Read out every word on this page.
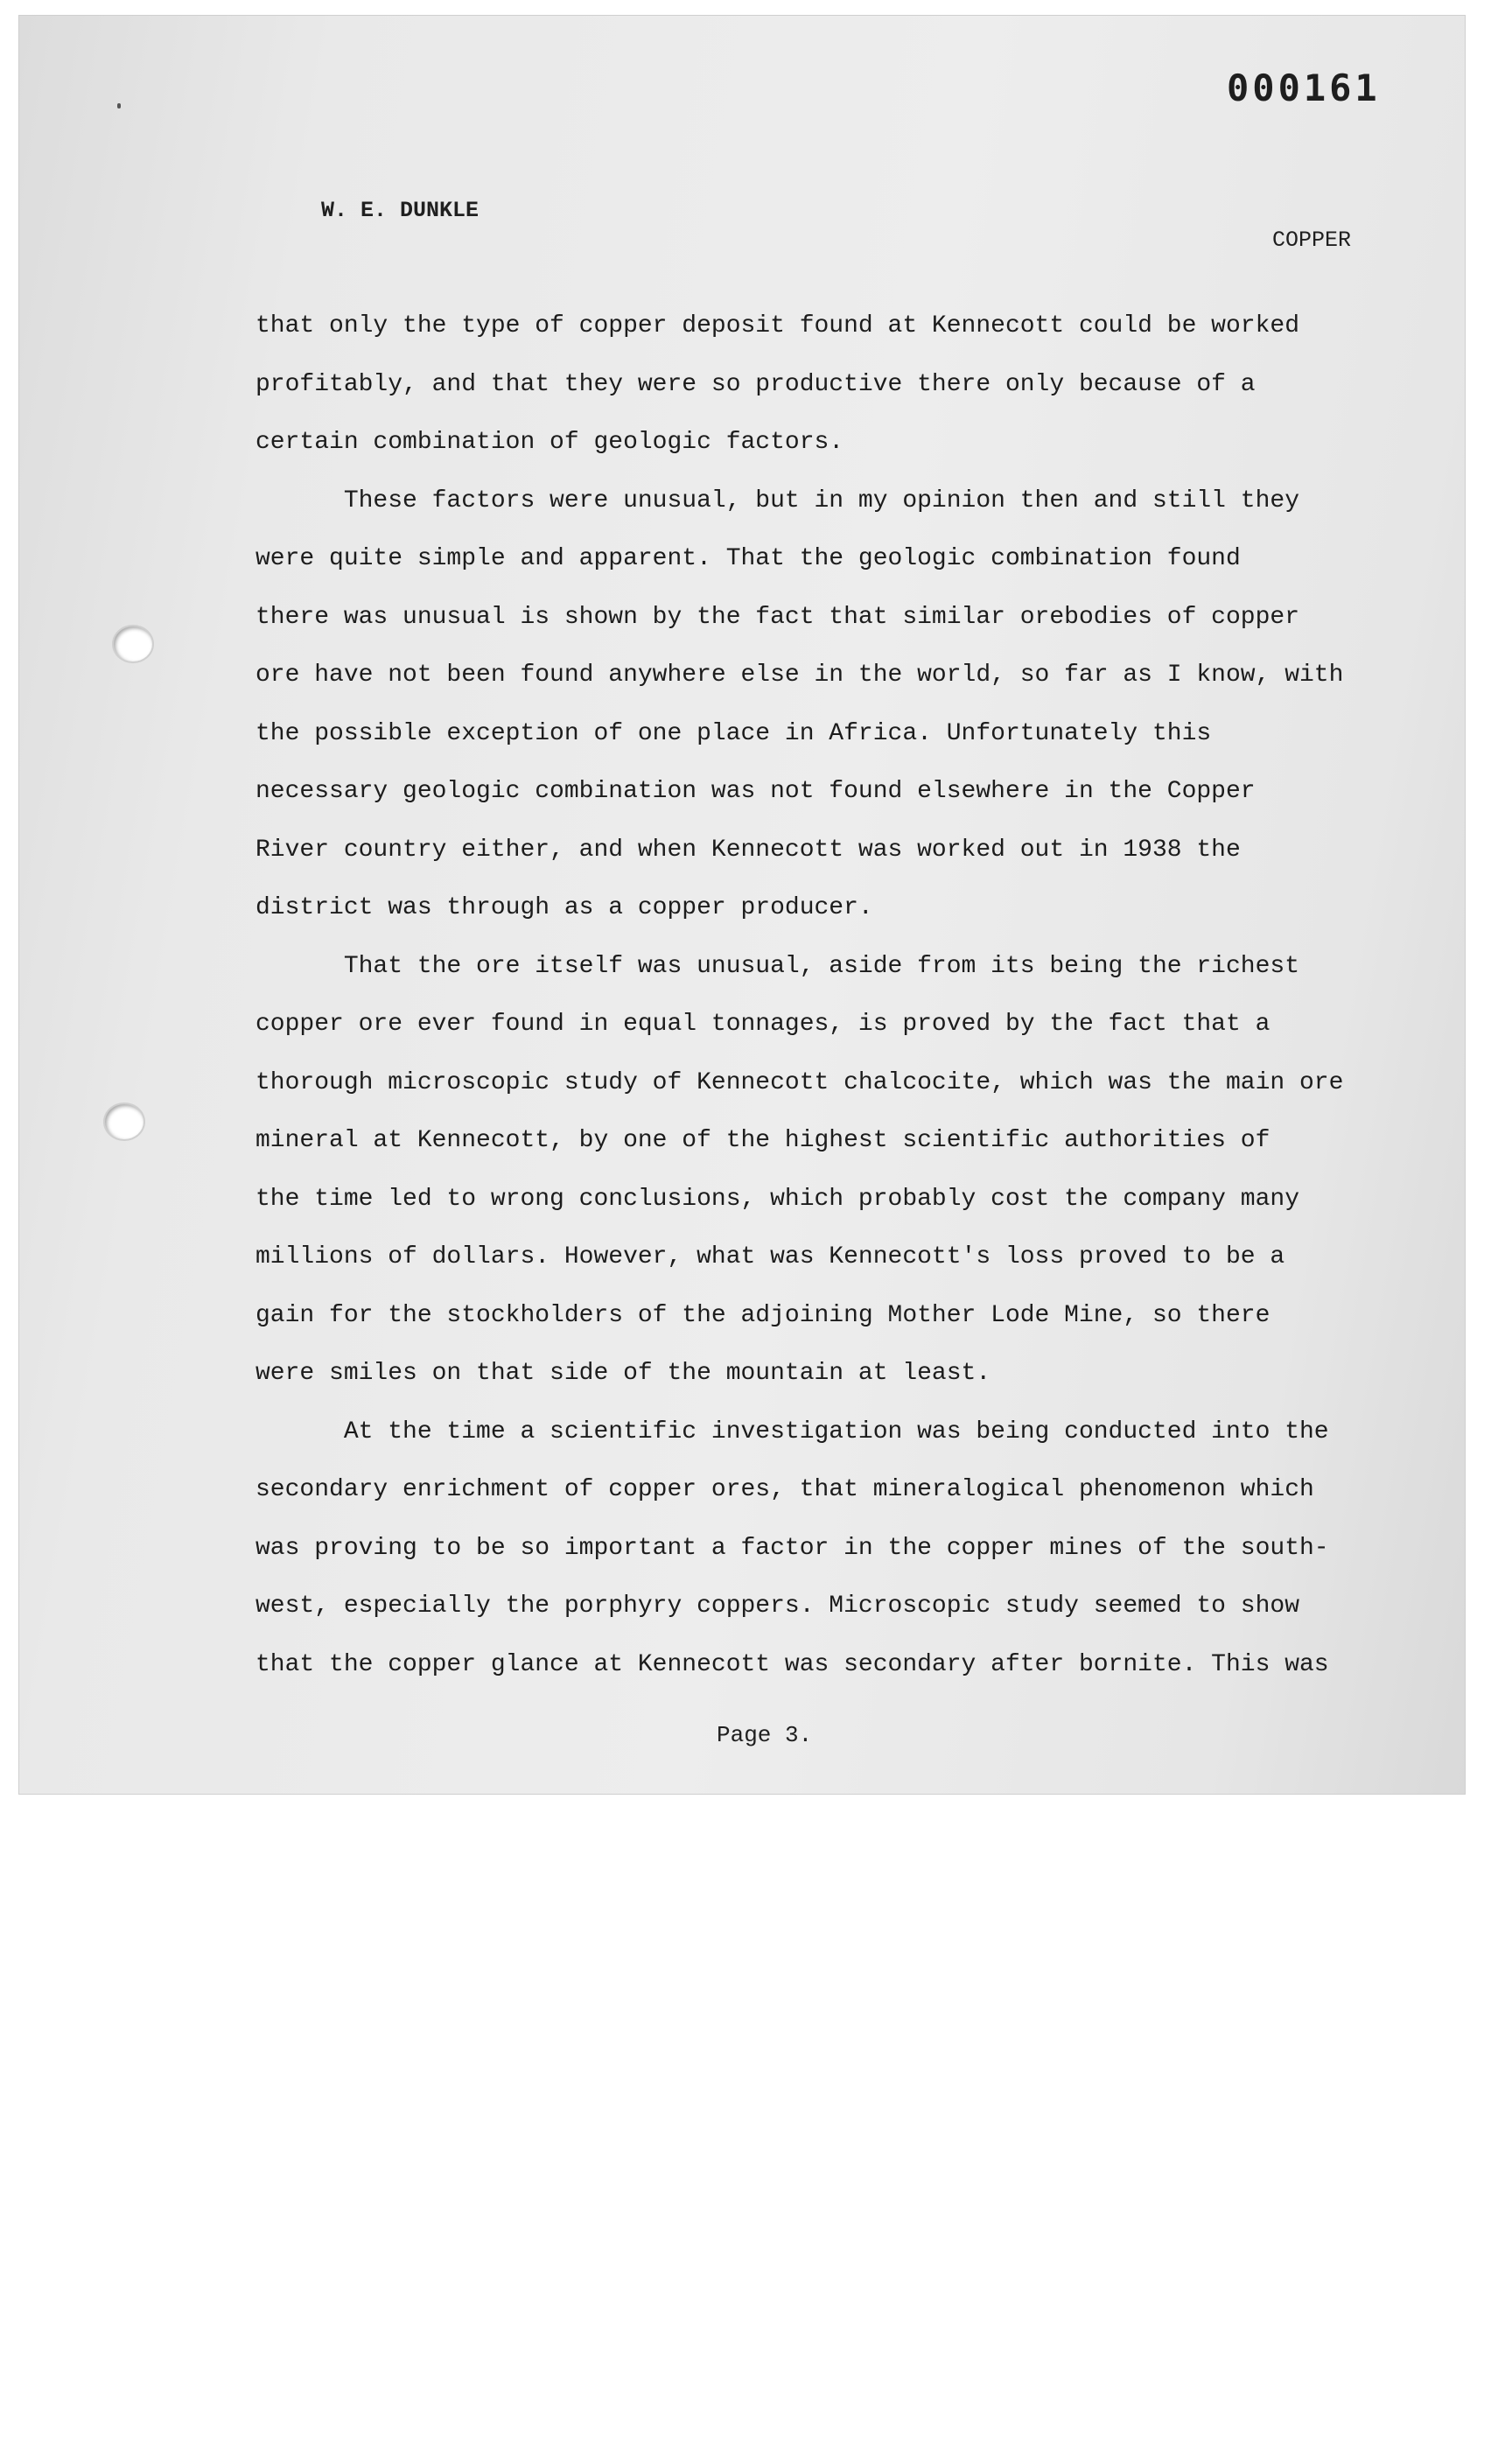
000161
W. E. DUNKLE
COPPER
that only the type of copper deposit found at Kennecott could be worked
profitably, and that they were so productive there only because of a
certain combination of geologic factors.
These factors were unusual, but in my opinion then and still they
were quite simple and apparent. That the geologic combination found
there was unusual is shown by the fact that similar orebodies of copper
ore have not been found anywhere else in the world, so far as I know, with
the possible exception of one place in Africa. Unfortunately this
necessary geologic combination was not found elsewhere in the Copper
River country either, and when Kennecott was worked out in 1938 the
district was through as a copper producer.
That the ore itself was unusual, aside from its being the richest
copper ore ever found in equal tonnages, is proved by the fact that a
thorough microscopic study of Kennecott chalcocite, which was the main ore
mineral at Kennecott, by one of the highest scientific authorities of
the time led to wrong conclusions, which probably cost the company many
millions of dollars. However, what was Kennecott's loss proved to be a
gain for the stockholders of the adjoining Mother Lode Mine, so there
were smiles on that side of the mountain at least.
At the time a scientific investigation was being conducted into the
secondary enrichment of copper ores, that mineralogical phenomenon which
was proving to be so important a factor in the copper mines of the south-
west, especially the porphyry coppers. Microscopic study seemed to show
that the copper glance at Kennecott was secondary after bornite. This was
Page 3.
